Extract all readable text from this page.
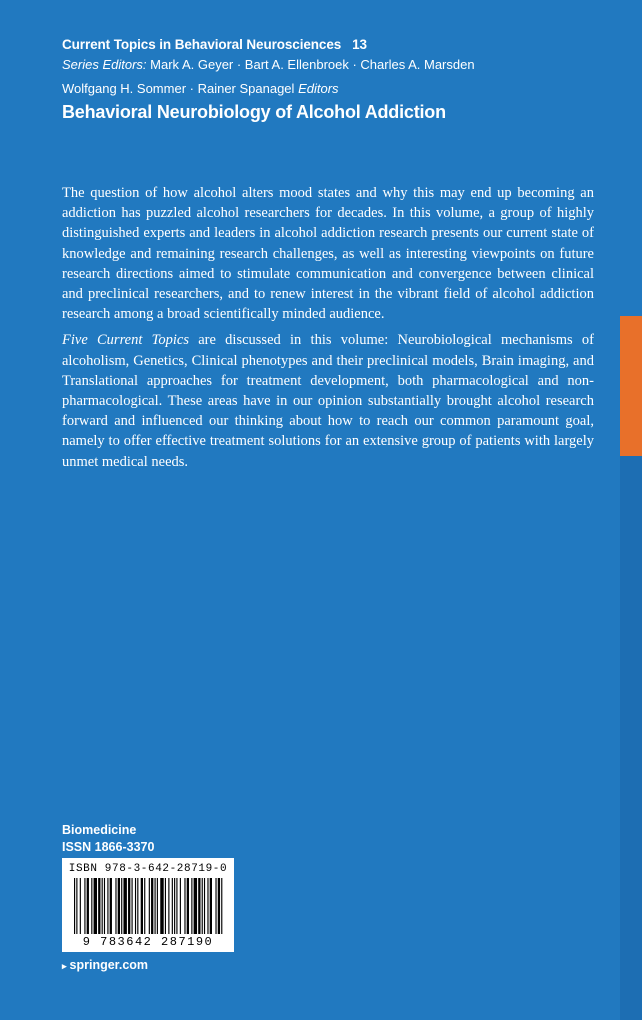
Current Topics in Behavioral Neurosciences 13
Series Editors: Mark A. Geyer · Bart A. Ellenbroek · Charles A. Marsden
Wolfgang H. Sommer · Rainer Spanagel Editors
Behavioral Neurobiology of Alcohol Addiction

The question of how alcohol alters mood states and why this may end up becoming an addiction has puzzled alcohol researchers for decades. In this volume, a group of highly distinguished experts and leaders in alcohol addiction research presents our current state of knowledge and remaining research challenges, as well as interesting viewpoints on future research directions aimed to stimulate communication and convergence between clinical and preclinical researchers, and to renew interest in the vibrant field of alcohol addiction research among a broad scientifically minded audience.

Five Current Topics are discussed in this volume: Neurobiological mechanisms of alcoholism, Genetics, Clinical phenotypes and their preclinical models, Brain imaging, and Translational approaches for treatment development, both pharmacological and non-pharmacological. These areas have in our opinion substantially brought alcohol research forward and influenced our thinking about how to reach our common paramount goal, namely to offer effective treatment solutions for an extensive group of patients with largely unmet medical needs.

Biomedicine
ISSN 1866-3370
ISBN 978-3-642-28719-0
9 783642 287190
▸ springer.com
